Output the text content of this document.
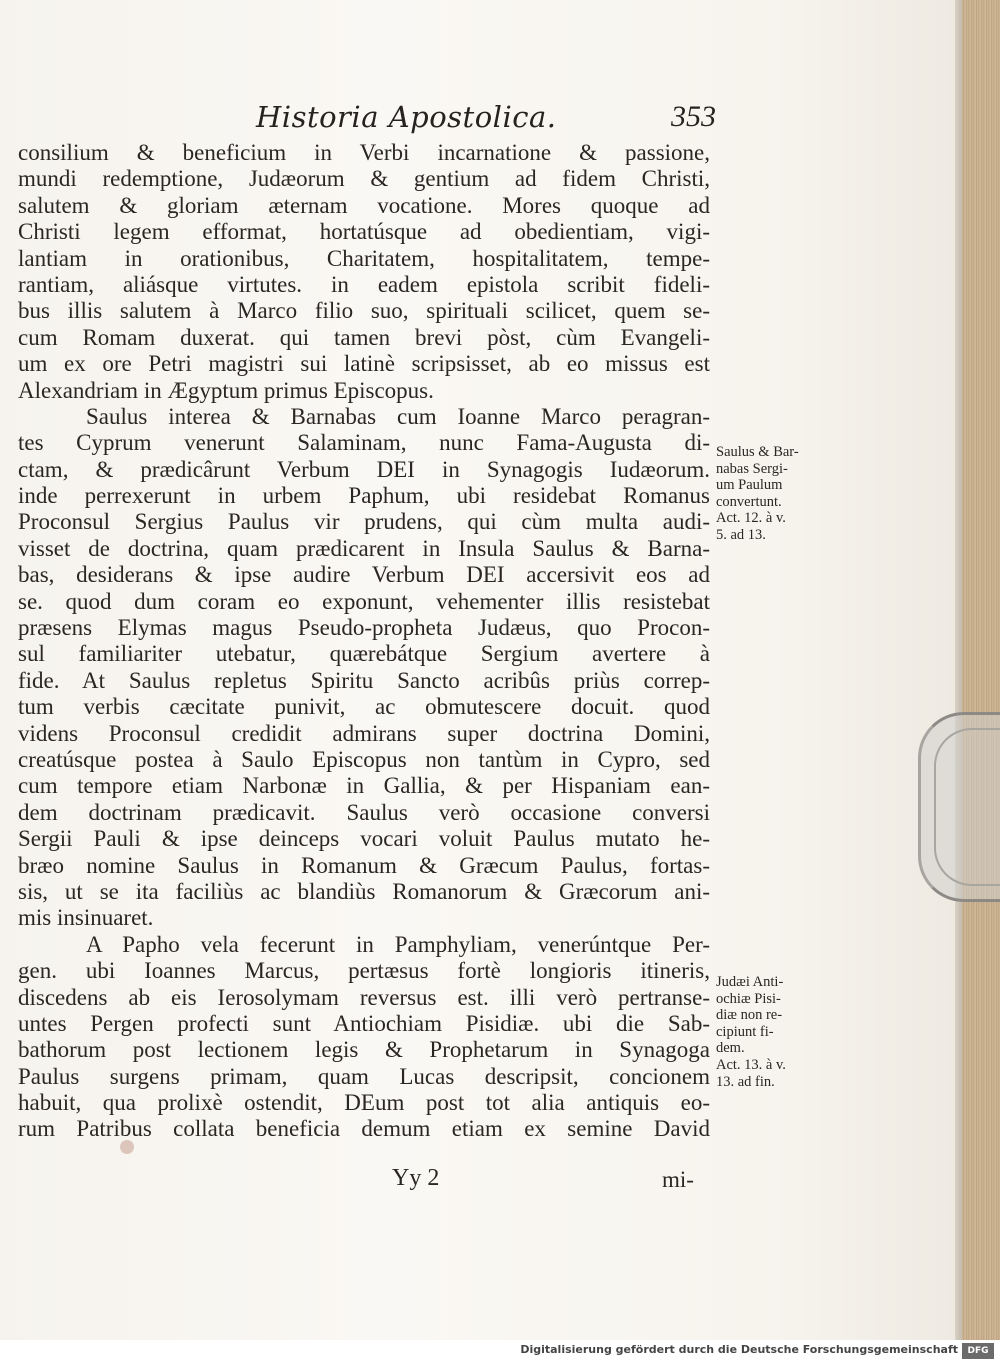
Historia Apostolica.	353
consilium & beneficium in Verbi incarnatione & passione,
mundi redemptione, Judæorum & gentium ad fidem Christi,
salutem & gloriam æternam vocatione. Mores quoque ad
Christi legem efformat, hortatúsque ad obedientiam, vigi-
lantiam in orationibus, Charitatem, hospitalitatem, tempe-
rantiam, aliásque virtutes. in eadem epistola scribit fideli-
bus illis salutem à Marco filio suo, spirituali scilicet, quem se-
cum Romam duxerat. qui tamen brevi pòst, cùm Evangeli-
um ex ore Petri magistri sui latinè scripsisset, ab eo missus est
Alexandriam in Ægyptum primus Episcopus.
Saulus interea & Barnabas cum Ioanne Marco peragran-
tes Cyprum venerunt Salaminam, nunc Fama-Augusta di-
ctam, & prædicârunt Verbum DEI in Synagogis Iudæorum.
inde perrexerunt in urbem Paphum, ubi residebat Romanus
Proconsul Sergius Paulus vir prudens, qui cùm multa audi-
visset de doctrina, quam prædicarent in Insula Saulus & Barna-
bas, desiderans & ipse audire Verbum DEI accersivit eos ad
se. quod dum coram eo exponunt, vehementer illis resistebat
præsens Elymas magus Pseudo-propheta Judæus, quo Procon-
sul familiariter utebatur, quærebátque Sergium avertere à
fide. At Saulus repletus Spiritu Sancto acribûs priùs correp-
tum verbis cæcitate punivit, ac obmutescere docuit. quod
videns Proconsul credidit admirans super doctrina Domini,
creatúsque postea à Saulo Episcopus non tantùm in Cypro, sed
cum tempore etiam Narbonæ in Gallia, & per Hispaniam ean-
dem doctrinam prædicavit. Saulus verò occasione conversi
Sergii Pauli & ipse deinceps vocari voluit Paulus mutato he-
bræo nomine Saulus in Romanum & Græcum Paulus, fortas-
sis, ut se ita faciliùs ac blandiùs Romanorum & Græcorum ani-
mis insinuaret.
A Papho vela fecerunt in Pamphyliam, venerúntque Per-
gen. ubi Ioannes Marcus, pertæsus fortè longioris itineris,
discedens ab eis Ierosolymam reversus est. illi verò pertranse-
untes Pergen profecti sunt Antiochiam Pisidiæ. ubi die Sab-
bathorum post lectionem legis & Prophetarum in Synagoga
Paulus surgens primam, quam Lucas descripsit, concionem
habuit, qua prolixè ostendit, DEum post tot alia antiquis eo-
rum Patribus collata beneficia demum etiam ex semine David
Saulus & Bar-
nabas Sergi-
um Paulum
convertunt.
Act. 12. à v.
5. ad 13.
Judæi Anti-
ochiæ Pisi-
diæ non re-
cipiunt fi-
dem.
Act. 13. à v.
13. ad fin.
Yy 2	mi-
Digitalisierung gefördert durch die Deutsche Forschungsgemeinschaft	DFG
